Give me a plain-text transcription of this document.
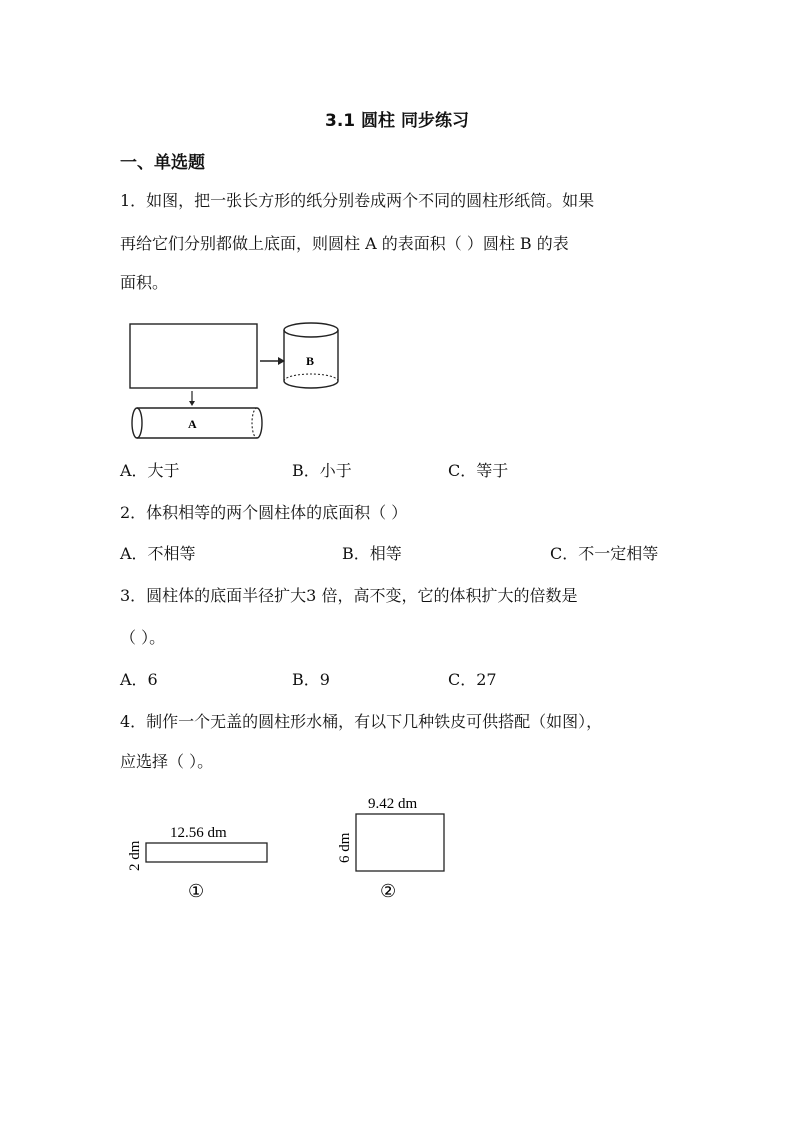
3.1 圆柱 同步练习
一、单选题
1．如图，把一张长方形的纸分别卷成两个不同的圆柱形纸筒。如果
再给它们分别都做上底面，则圆柱 A 的表面积（ ）圆柱 B 的表
面积。
B
A
A．大于	B．小于	C．等于
2．体积相等的两个圆柱体的底面积（ ）
A．不相等	B．相等	C．不一定相等
3．圆柱体的底面半径扩大3 倍，高不变，它的体积扩大的倍数是
（ ）。
A．6	B．9	C．27
4．制作一个无盖的圆柱形水桶，有以下几种铁皮可供搭配（如图），
应选择（ ）。
12.56 dm
2 dm
①
9.42 dm
6 dm
②
